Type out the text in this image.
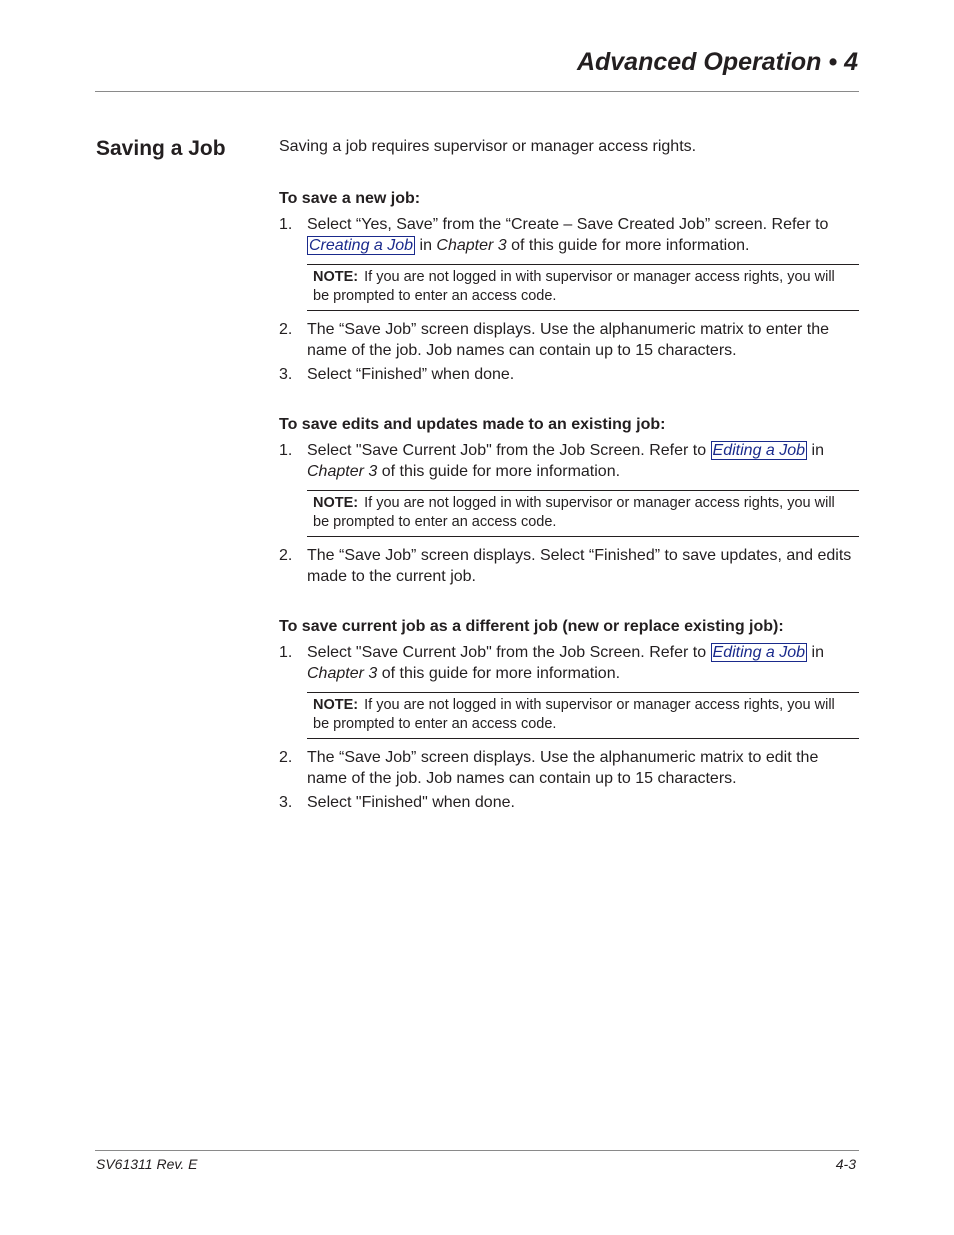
Advanced Operation • 4
Saving a Job	Saving a job requires supervisor or manager access rights.

To save a new job:

1. Select “Yes, Save” from the “Create – Save Created Job” screen. Refer to Creating a Job in Chapter 3 of this guide for more information.
NOTE: If you are not logged in with supervisor or manager access rights, you will be prompted to enter an access code.
2. The “Save Job” screen displays. Use the alphanumeric matrix to enter the name of the job. Job names can contain up to 15 characters.
3. Select “Finished” when done.

To save edits and updates made to an existing job:

1. Select "Save Current Job" from the Job Screen. Refer to Editing a Job in Chapter 3 of this guide for more information.
NOTE: If you are not logged in with supervisor or manager access rights, you will be prompted to enter an access code.
2. The “Save Job” screen displays. Select “Finished” to save updates, and edits made to the current job.

To save current job as a different job (new or replace existing job):

1. Select "Save Current Job" from the Job Screen. Refer to Editing a Job in Chapter 3 of this guide for more information.
NOTE: If you are not logged in with supervisor or manager access rights, you will be prompted to enter an access code.
2. The “Save Job” screen displays. Use the alphanumeric matrix to edit the name of the job. Job names can contain up to 15 characters.
3. Select "Finished" when done.
SV61311 Rev. E	4-3
